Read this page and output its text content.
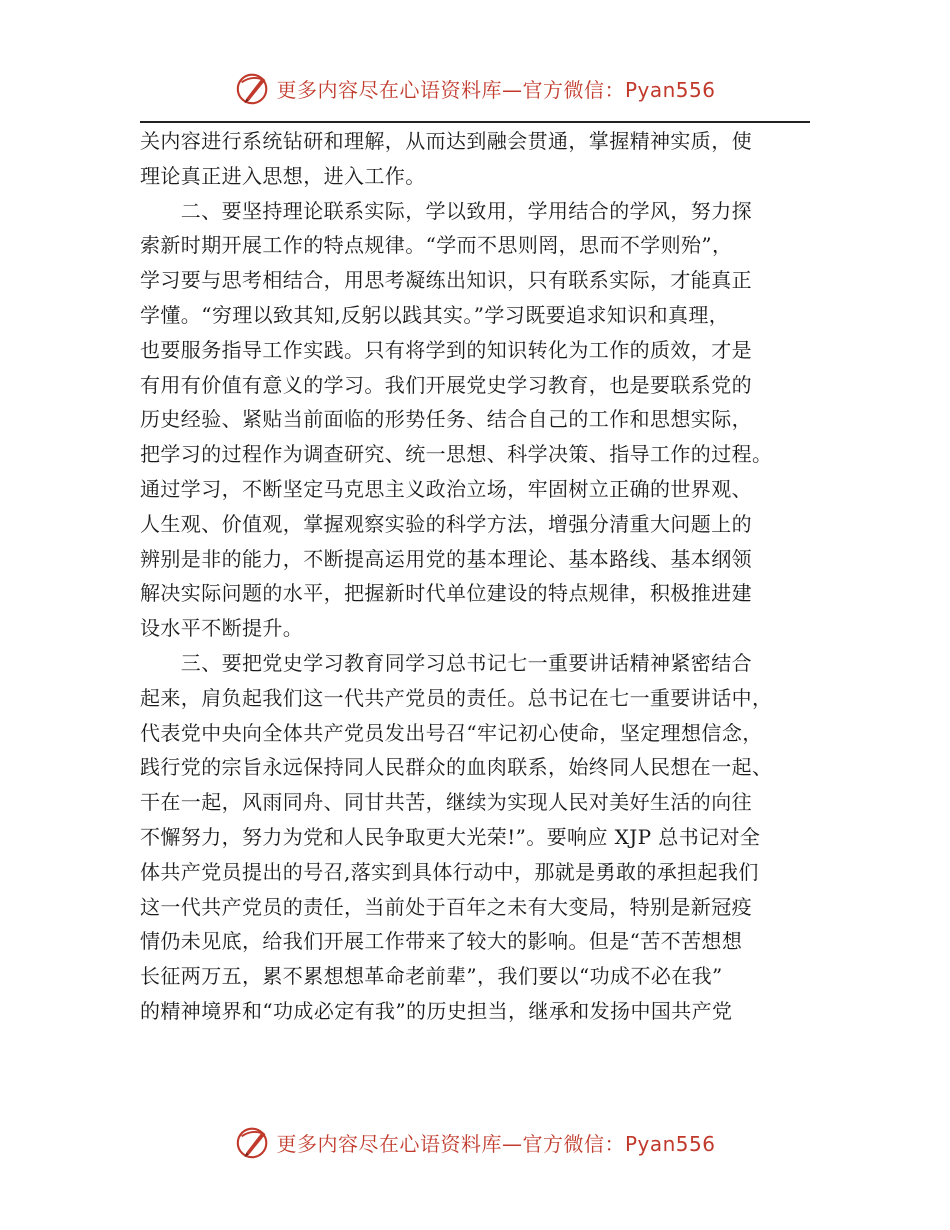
更多内容尽在心语资料库—官方微信：Pyan556
关内容进行系统钻研和理解，从而达到融会贯通，掌握精神实质，使
理论真正进入思想，进入工作。
　　二、要坚持理论联系实际，学以致用，学用结合的学风，努力探
索新时期开展工作的特点规律。“学而不思则罔，思而不学则殆”，
学习要与思考相结合，用思考凝练出知识，只有联系实际，才能真正
学懂。“穷理以致其知,反躬以践其实。”学习既要追求知识和真理，
也要服务指导工作实践。只有将学到的知识转化为工作的质效，才是
有用有价值有意义的学习。我们开展党史学习教育，也是要联系党的
历史经验、紧贴当前面临的形势任务、结合自己的工作和思想实际，
把学习的过程作为调查研究、统一思想、科学决策、指导工作的过程。
通过学习，不断坚定马克思主义政治立场，牢固树立正确的世界观、
人生观、价值观，掌握观察实验的科学方法，增强分清重大问题上的
辨别是非的能力，不断提高运用党的基本理论、基本路线、基本纲领
解决实际问题的水平，把握新时代单位建设的特点规律，积极推进建
设水平不断提升。
　　三、要把党史学习教育同学习总书记七一重要讲话精神紧密结合
起来，肩负起我们这一代共产党员的责任。总书记在七一重要讲话中，
代表党中央向全体共产党员发出号召“牢记初心使命，坚定理想信念，
践行党的宗旨永远保持同人民群众的血肉联系，始终同人民想在一起、
干在一起，风雨同舟、同甘共苦，继续为实现人民对美好生活的向往
不懈努力，努力为党和人民争取更大光荣!”。要响应 XJP 总书记对全
体共产党员提出的号召,落实到具体行动中，那就是勇敢的承担起我们
这一代共产党员的责任，当前处于百年之未有大变局，特别是新冠疫
情仍未见底，给我们开展工作带来了较大的影响。但是“苦不苦想想
长征两万五，累不累想想革命老前辈”，我们要以“功成不必在我”
的精神境界和“功成必定有我”的历史担当，继承和发扬中国共产党
更多内容尽在心语资料库—官方微信：Pyan556
